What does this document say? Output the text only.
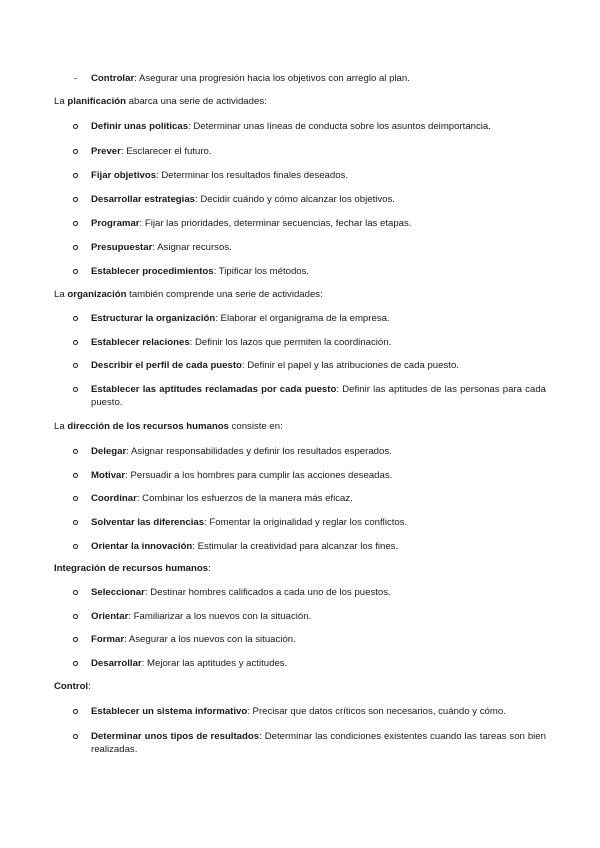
Controlar: Asegurar una progresión hacia los objetivos con arreglo al plan.
La planificación abarca una serie de actividades:
Definir unas políticas: Determinar unas líneas de conducta sobre los asuntos deimportancia.
Prever: Esclarecer el futuro.
Fijar objetivos: Determinar los resultados finales deseados.
Desarrollar estrategias: Decidir cuándo y cómo alcanzar los objetivos.
Programar: Fijar las prioridades, determinar secuencias, fechar las etapas.
Presupuestar: Asignar recursos.
Establecer procedimientos: Tipificar los métodos.
La organización también comprende una serie de actividades:
Estructurar la organización: Elaborar el organigrama de la empresa.
Establecer relaciones: Definir los lazos que permiten la coordinación.
Describir el perfil de cada puesto: Definir el papel y las atribuciones de cada puesto.
Establecer las aptitudes reclamadas por cada puesto: Definir las aptitudes de las personas para cada puesto.
La dirección de los recursos humanos consiste en:
Delegar: Asignar responsabilidades y definir los resultados esperados.
Motivar: Persuadir a los hombres para cumplir las acciones deseadas.
Coordinar: Combinar los esfuerzos de la manera más eficaz.
Solventar las diferencias: Fomentar la originalidad y reglar los conflictos.
Orientar la innovación: Estimular la creatividad para alcanzar los fines.
Integración de recursos humanos:
Seleccionar: Destinar hombres calificados a cada uno de los puestos.
Orientar: Familiarizar a los nuevos con la situación.
Formar: Asegurar a los nuevos con la situación.
Desarrollar: Mejorar las aptitudes y actitudes.
Control:
Establecer un sistema informativo: Precisar que datos críticos son necesarios, cuándo y cómo.
Determinar unos tipos de resultados: Determinar las condiciones existentes cuando las tareas son bien realizadas.
